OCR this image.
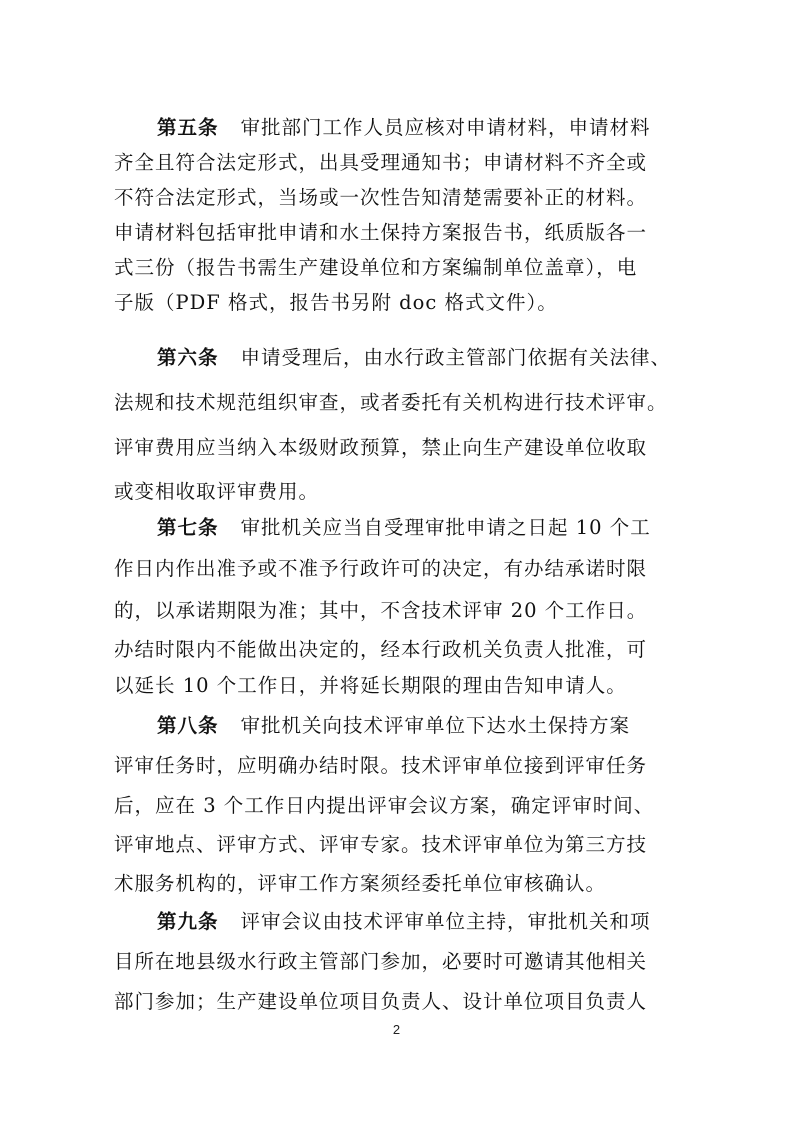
第五条 审批部门工作人员应核对申请材料，申请材料
齐全且符合法定形式，出具受理通知书；申请材料不齐全或
不符合法定形式，当场或一次性告知清楚需要补正的材料。
申请材料包括审批申请和水土保持方案报告书，纸质版各一
式三份（报告书需生产建设单位和方案编制单位盖章），电
子版（PDF 格式，报告书另附 doc 格式文件）。
第六条 申请受理后，由水行政主管部门依据有关法律、
法规和技术规范组织审查，或者委托有关机构进行技术评审。
评审费用应当纳入本级财政预算，禁止向生产建设单位收取
或变相收取评审费用。
第七条 审批机关应当自受理审批申请之日起 10 个工
作日内作出准予或不准予行政许可的决定，有办结承诺时限
的，以承诺期限为准；其中，不含技术评审 20 个工作日。
办结时限内不能做出决定的，经本行政机关负责人批准，可
以延长 10 个工作日，并将延长期限的理由告知申请人。
第八条 审批机关向技术评审单位下达水土保持方案
评审任务时，应明确办结时限。技术评审单位接到评审任务
后，应在 3 个工作日内提出评审会议方案，确定评审时间、
评审地点、评审方式、评审专家。技术评审单位为第三方技
术服务机构的，评审工作方案须经委托单位审核确认。
第九条 评审会议由技术评审单位主持，审批机关和项
目所在地县级水行政主管部门参加，必要时可邀请其他相关
部门参加；生产建设单位项目负责人、设计单位项目负责人
2
